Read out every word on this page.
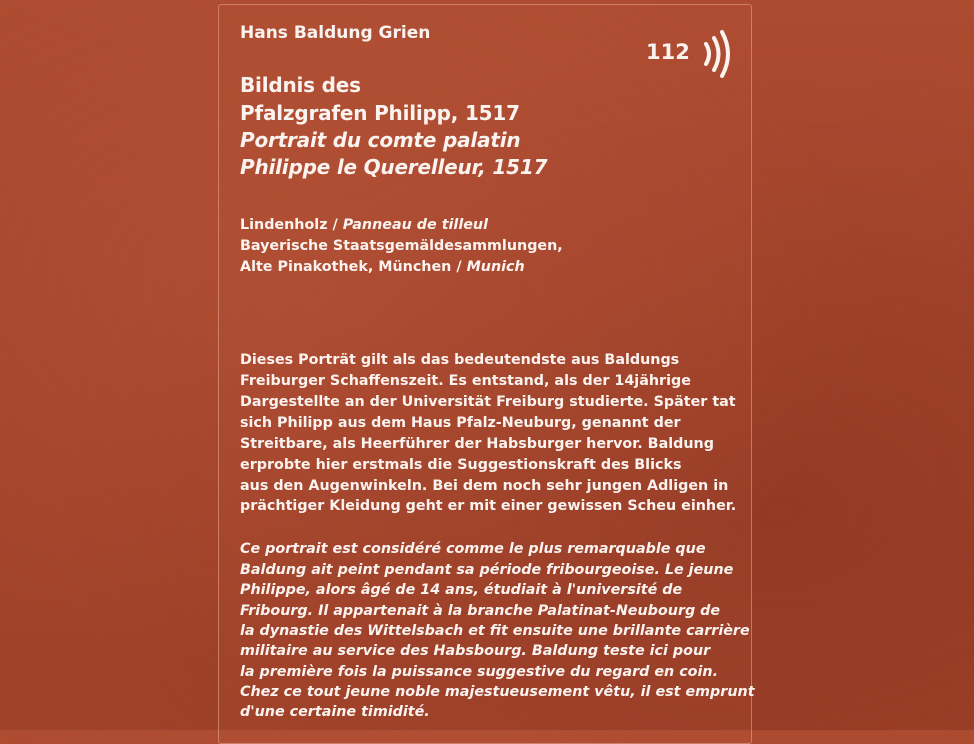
Hans Baldung Grien

112

Bildnis des

Pfalzgrafen Philipp, 1517

Portrait du comte palatin

Philippe le Querelleur, 1517

Lindenholz / Panneau de tilleul

Bayerische Staatsgemäldesammlungen,

Alte Pinakothek, München / Munich

Dieses Porträt gilt als das bedeutendste aus Baldungs

Freiburger Schaffenszeit. Es entstand, als der 14jährige

Dargestellte an der Universität Freiburg studierte. Später tat

sich Philipp aus dem Haus Pfalz-Neuburg, genannt der

Streitbare, als Heerführer der Habsburger hervor. Baldung

erprobte hier erstmals die Suggestionskraft des Blicks

aus den Augenwinkeln. Bei dem noch sehr jungen Adligen in

prächtiger Kleidung geht er mit einer gewissen Scheu einher.

Ce portrait est considéré comme le plus remarquable que

Baldung ait peint pendant sa période fribourgeoise. Le jeune

Philippe, alors âgé de 14 ans, étudiait à l'université de

Fribourg. Il appartenait à la branche Palatinat-Neubourg de

la dynastie des Wittelsbach et fit ensuite une brillante carrière

militaire au service des Habsbourg. Baldung teste ici pour

la première fois la puissance suggestive du regard en coin.

Chez ce tout jeune noble majestueusement vêtu, il est emprunt

d'une certaine timidité.
